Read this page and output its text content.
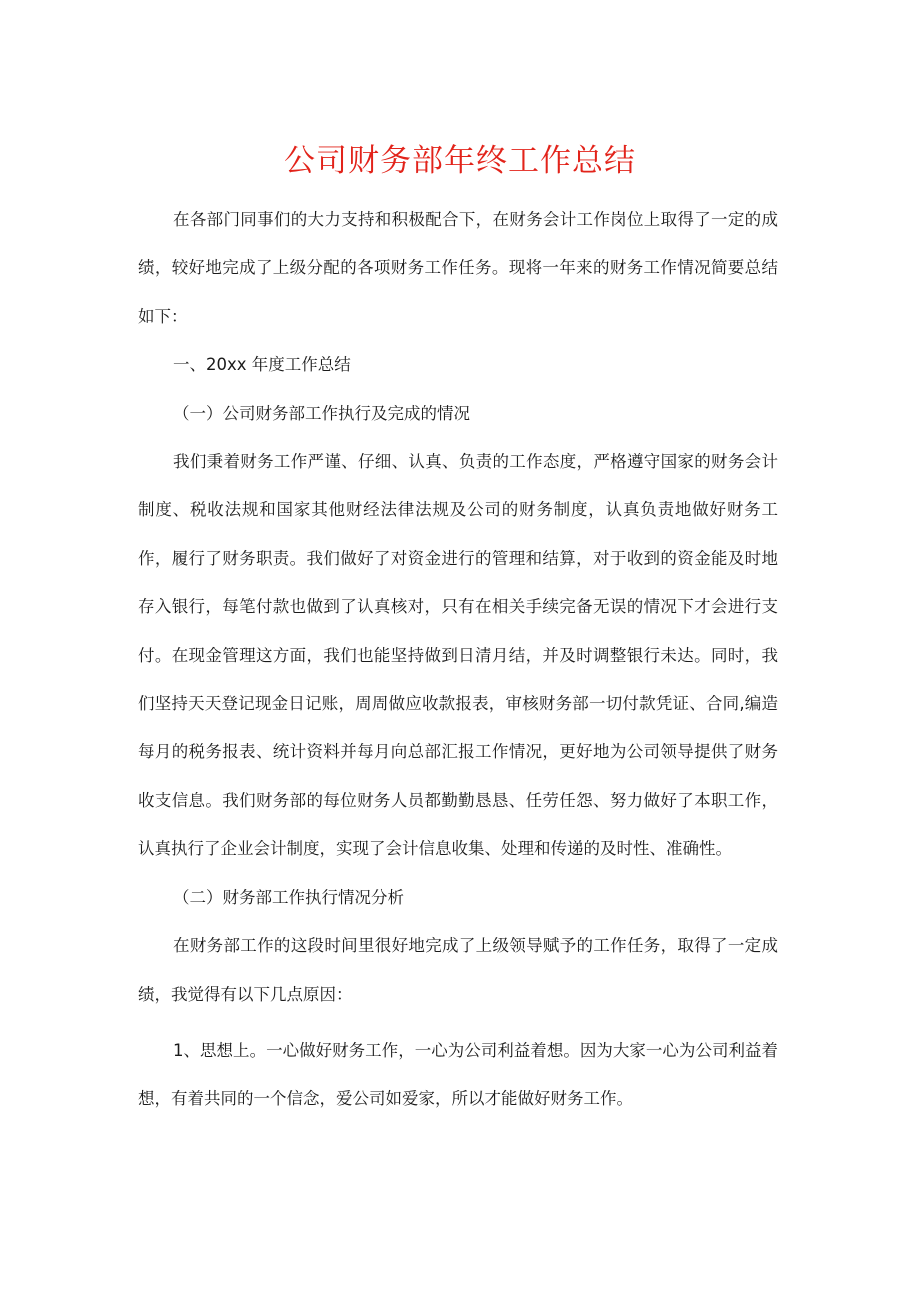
公司财务部年终工作总结

在各部门同事们的大力支持和积极配合下，在财务会计工作岗位上取得了一定的成绩，较好地完成了上级分配的各项财务工作任务。现将一年来的财务工作情况简要总结如下：

一、20xx 年度工作总结

（一）公司财务部工作执行及完成的情况

我们秉着财务工作严谨、仔细、认真、负责的工作态度，严格遵守国家的财务会计制度、税收法规和国家其他财经法律法规及公司的财务制度，认真负责地做好财务工作，履行了财务职责。我们做好了对资金进行的管理和结算，对于收到的资金能及时地存入银行，每笔付款也做到了认真核对，只有在相关手续完备无误的情况下才会进行支付。在现金管理这方面，我们也能坚持做到日清月结，并及时调整银行未达。同时，我们坚持天天登记现金日记账，周周做应收款报表，审核财务部一切付款凭证、合同,编造每月的税务报表、统计资料并每月向总部汇报工作情况，更好地为公司领导提供了财务收支信息。我们财务部的每位财务人员都勤勤恳恳、任劳任怨、努力做好了本职工作，认真执行了企业会计制度，实现了会计信息收集、处理和传递的及时性、准确性。

（二）财务部工作执行情况分析

在财务部工作的这段时间里很好地完成了上级领导赋予的工作任务，取得了一定成绩，我觉得有以下几点原因：

1、思想上。一心做好财务工作，一心为公司利益着想。因为大家一心为公司利益着想，有着共同的一个信念，爱公司如爱家，所以才能做好财务工作。
